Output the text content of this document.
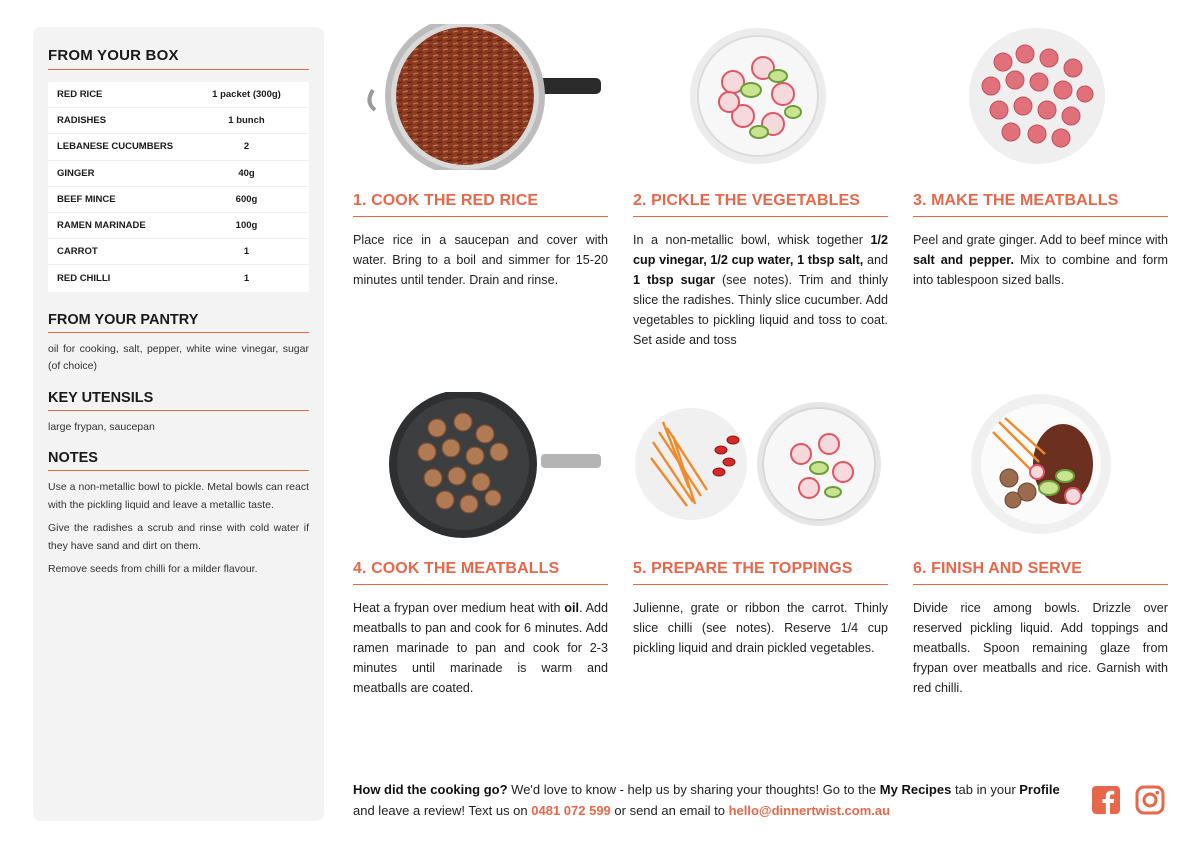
FROM YOUR BOX
RED RICE	1 packet (300g)
RADISHES	1 bunch
LEBANESE CUCUMBERS	2
GINGER	40g
BEEF MINCE	600g
RAMEN MARINADE	100g
CARROT	1
RED CHILLI	1
FROM YOUR PANTRY
oil for cooking, salt, pepper, white wine vinegar, sugar (of choice)
KEY UTENSILS
large frypan, saucepan
NOTES
Use a non-metallic bowl to pickle. Metal bowls can react with the pickling liquid and leave a metallic taste.
Give the radishes a scrub and rinse with cold water if they have sand and dirt on them.
Remove seeds from chilli for a milder flavour.
1. COOK THE RED RICE
Place rice in a saucepan and cover with water. Bring to a boil and simmer for 15-20 minutes until tender. Drain and rinse.
2. PICKLE THE VEGETABLES
In a non-metallic bowl, whisk together 1/2 cup vinegar, 1/2 cup water, 1 tbsp salt, and 1 tbsp sugar (see notes). Trim and thinly slice the radishes. Thinly slice cucumber. Add vegetables to pickling liquid and toss to coat. Set aside and toss
3. MAKE THE MEATBALLS
Peel and grate ginger. Add to beef mince with salt and pepper. Mix to combine and form into tablespoon sized balls.
4. COOK THE MEATBALLS
Heat a frypan over medium heat with oil. Add meatballs to pan and cook for 6 minutes. Add ramen marinade to pan and cook for 2-3 minutes until marinade is warm and meatballs are coated.
5. PREPARE THE TOPPINGS
Julienne, grate or ribbon the carrot. Thinly slice chilli (see notes). Reserve 1/4 cup pickling liquid and drain pickled vegetables.
6. FINISH AND SERVE
Divide rice among bowls. Drizzle over reserved pickling liquid. Add toppings and meatballs. Spoon remaining glaze from frypan over meatballs and rice. Garnish with red chilli.
How did the cooking go? We'd love to know - help us by sharing your thoughts! Go to the My Recipes tab in your Profile and leave a review! Text us on 0481 072 599 or send an email to hello@dinnertwist.com.au
